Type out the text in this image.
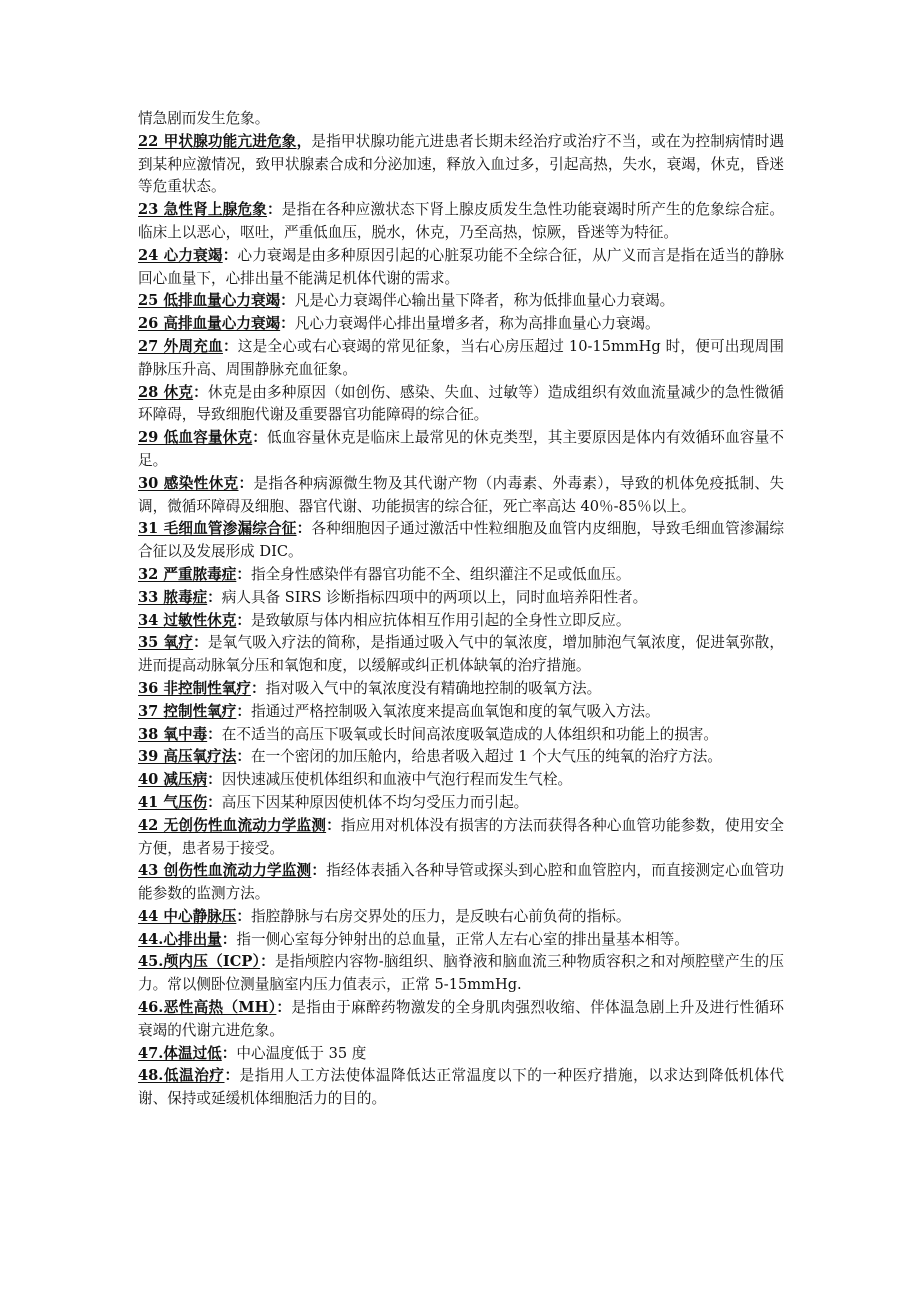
情急剧而发生危象。

22 甲状腺功能亢进危象，是指甲状腺功能亢进患者长期未经治疗或治疗不当，或在为控制病情时遇到某种应激情况，致甲状腺素合成和分泌加速，释放入血过多，引起高热，失水，衰竭，休克，昏迷等危重状态。

23 急性肾上腺危象：是指在各种应激状态下肾上腺皮质发生急性功能衰竭时所产生的危象综合症。临床上以恶心，呕吐，严重低血压，脱水，休克，乃至高热，惊厥，昏迷等为特征。

24 心力衰竭：心力衰竭是由多种原因引起的心脏泵功能不全综合征，从广义而言是指在适当的静脉回心血量下，心排出量不能满足机体代谢的需求。

25 低排血量心力衰竭：凡是心力衰竭伴心输出量下降者，称为低排血量心力衰竭。

26 高排血量心力衰竭：凡心力衰竭伴心排出量增多者，称为高排血量心力衰竭。

27 外周充血：这是全心或右心衰竭的常见征象，当右心房压超过 10-15mmHg 时，便可出现周围静脉压升高、周围静脉充血征象。

28 休克：休克是由多种原因（如创伤、感染、失血、过敏等）造成组织有效血流量减少的急性微循环障碍，导致细胞代谢及重要器官功能障碍的综合征。

29 低血容量休克：低血容量休克是临床上最常见的休克类型，其主要原因是体内有效循环血容量不足。

30 感染性休克：是指各种病源微生物及其代谢产物（内毒素、外毒素），导致的机体免疫抵制、失调，微循环障碍及细胞、器官代谢、功能损害的综合征，死亡率高达 40％-85％以上。

31 毛细血管渗漏综合征：各种细胞因子通过激活中性粒细胞及血管内皮细胞，导致毛细血管渗漏综合征以及发展形成 DIC。

32 严重脓毒症：指全身性感染伴有器官功能不全、组织灌注不足或低血压。

33 脓毒症：病人具备 SIRS 诊断指标四项中的两项以上，同时血培养阳性者。

34 过敏性休克：是致敏原与体内相应抗体相互作用引起的全身性立即反应。

35 氧疗：是氧气吸入疗法的简称，是指通过吸入气中的氧浓度，增加肺泡气氧浓度，促进氧弥散，进而提高动脉氧分压和氧饱和度，以缓解或纠正机体缺氧的治疗措施。

36 非控制性氧疗：指对吸入气中的氧浓度没有精确地控制的吸氧方法。

37 控制性氧疗：指通过严格控制吸入氧浓度来提高血氧饱和度的氧气吸入方法。

38 氧中毒：在不适当的高压下吸氧或长时间高浓度吸氧造成的人体组织和功能上的损害。

39 高压氧疗法：在一个密闭的加压舱内，给患者吸入超过 1 个大气压的纯氧的治疗方法。

40 减压病：因快速减压使机体组织和血液中气泡行程而发生气栓。

41 气压伤：高压下因某种原因使机体不均匀受压力而引起。

42 无创伤性血流动力学监测：指应用对机体没有损害的方法而获得各种心血管功能参数，使用安全方便，患者易于接受。

43 创伤性血流动力学监测：指经体表插入各种导管或探头到心腔和血管腔内，而直接测定心血管功能参数的监测方法。

44 中心静脉压：指腔静脉与右房交界处的压力，是反映右心前负荷的指标。

44.心排出量：指一侧心室每分钟射出的总血量，正常人左右心室的排出量基本相等。

45.颅内压（ICP）：是指颅腔内容物-脑组织、脑脊液和脑血流三种物质容积之和对颅腔壁产生的压力。常以侧卧位测量脑室内压力值表示，正常 5-15mmHg.

46.恶性高热（MH）：是指由于麻醉药物激发的全身肌肉强烈收缩、伴体温急剧上升及进行性循环衰竭的代谢亢进危象。

47.体温过低：中心温度低于 35 度

48.低温治疗：是指用人工方法使体温降低达正常温度以下的一种医疗措施，以求达到降低机体代谢、保持或延缓机体细胞活力的目的。
